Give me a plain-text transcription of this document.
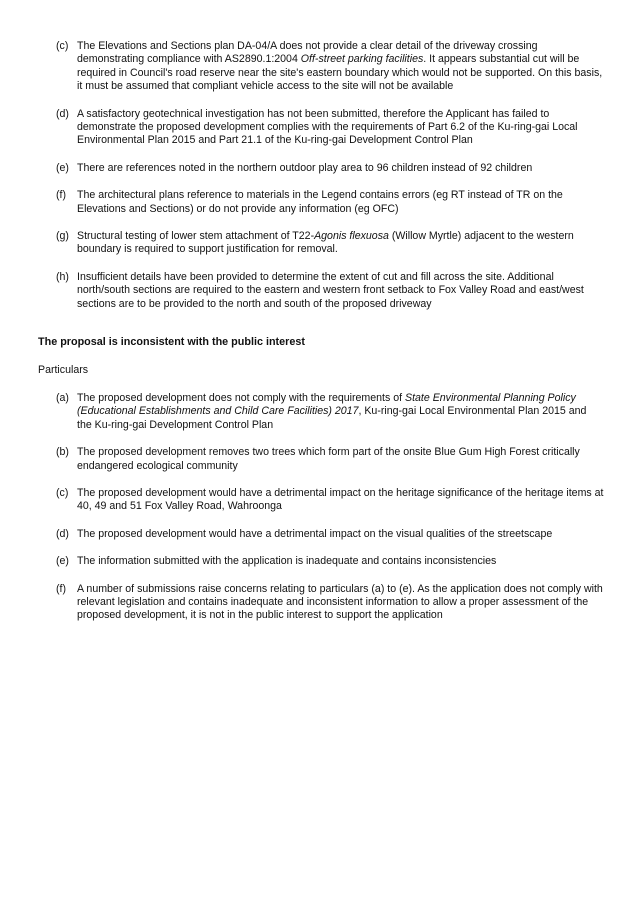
(c) The Elevations and Sections plan DA-04/A does not provide a clear detail of the driveway crossing demonstrating compliance with AS2890.1:2004 Off-street parking facilities. It appears substantial cut will be required in Council's road reserve near the site's eastern boundary which would not be supported. On this basis, it must be assumed that compliant vehicle access to the site will not be available
(d) A satisfactory geotechnical investigation has not been submitted, therefore the Applicant has failed to demonstrate the proposed development complies with the requirements of Part 6.2 of the Ku-ring-gai Local Environmental Plan 2015 and Part 21.1 of the Ku-ring-gai Development Control Plan
(e) There are references noted in the northern outdoor play area to 96 children instead of 92 children
(f)	The architectural plans reference to materials in the Legend contains errors (eg RT instead of TR on the Elevations and Sections) or do not provide any information (eg OFC)
(g) Structural testing of lower stem attachment of T22-Agonis flexuosa (Willow Myrtle) adjacent to the western boundary is required to support justification for removal.
(h) Insufficient details have been provided to determine the extent of cut and fill across the site. Additional north/south sections are required to the eastern and western front setback to Fox Valley Road and east/west sections are to be provided to the north and south of the proposed driveway
The proposal is inconsistent with the public interest
Particulars
(a) The proposed development does not comply with the requirements of State Environmental Planning Policy (Educational Establishments and Child Care Facilities) 2017, Ku-ring-gai Local Environmental Plan 2015 and the Ku-ring-gai Development Control Plan
(b) The proposed development removes two trees which form part of the onsite Blue Gum High Forest critically endangered ecological community
(c) The proposed development would have a detrimental impact on the heritage significance of the heritage items at 40, 49 and 51 Fox Valley Road, Wahroonga
(d) The proposed development would have a detrimental impact on the visual qualities of the streetscape
(e) The information submitted with the application is inadequate and contains inconsistencies
(f)	A number of submissions raise concerns relating to particulars (a) to (e). As the application does not comply with relevant legislation and contains inadequate and inconsistent information to allow a proper assessment of the proposed development, it is not in the public interest to support the application
